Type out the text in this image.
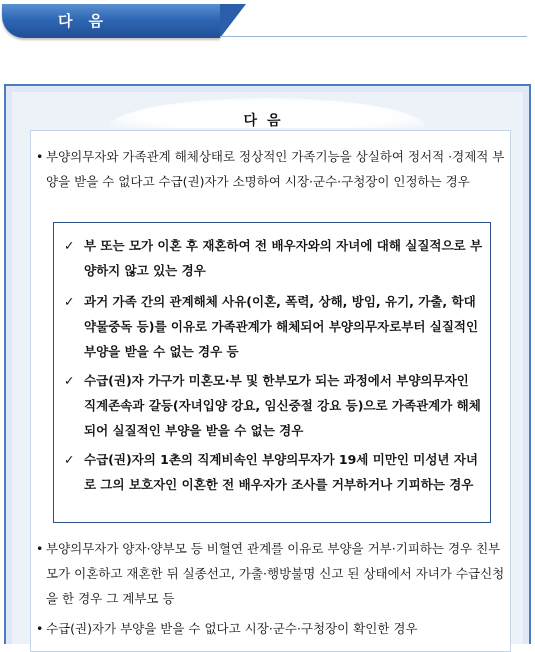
다음
다음
• 부양의무자와 가족관계 해체상태로 정상적인 가족기능을 상실하여 정서적 ·경제적 부양을 받을 수 없다고 수급(권)자가 소명하여 시장·군수·구청장이 인정하는 경우
✓ 부 또는 모가 이혼 후 재혼하여 전 배우자와의 자녀에 대해 실질적으로 부양하지 않고 있는 경우
✓ 과거 가족 간의 관계해체 사유(이혼, 폭력, 상해, 방임, 유기, 가출, 학대 약물중독 등)를 이유로 가족관계가 해체되어 부양의무자로부터 실질적인 부양을 받을 수 없는 경우 등
✓ 수급(권)자 가구가 미혼모·부 및 한부모가 되는 과정에서 부양의무자인 직계존속과 갈등(자녀입양 강요, 임신중절 강요 등)으로 가족관계가 해체되어 실질적인 부양을 받을 수 없는 경우
✓ 수급(권)자의 1촌의 직계비속인 부양의무자가 19세 미만인 미성년 자녀로 그의 보호자인 이혼한 전 배우자가 조사를 거부하거나 기피하는 경우
• 부양의무자가 양자·양부모 등 비혈연 관계를 이유로 부양을 거부·기피하는 경우 친부모가 이혼하고 재혼한 뒤 실종선고, 가출·행방불명 신고 된 상태에서 자녀가 수급신청을 한 경우 그 계부모 등
• 수급(권)자가 부양을 받을 수 없다고 시장·군수·구청장이 확인한 경우
